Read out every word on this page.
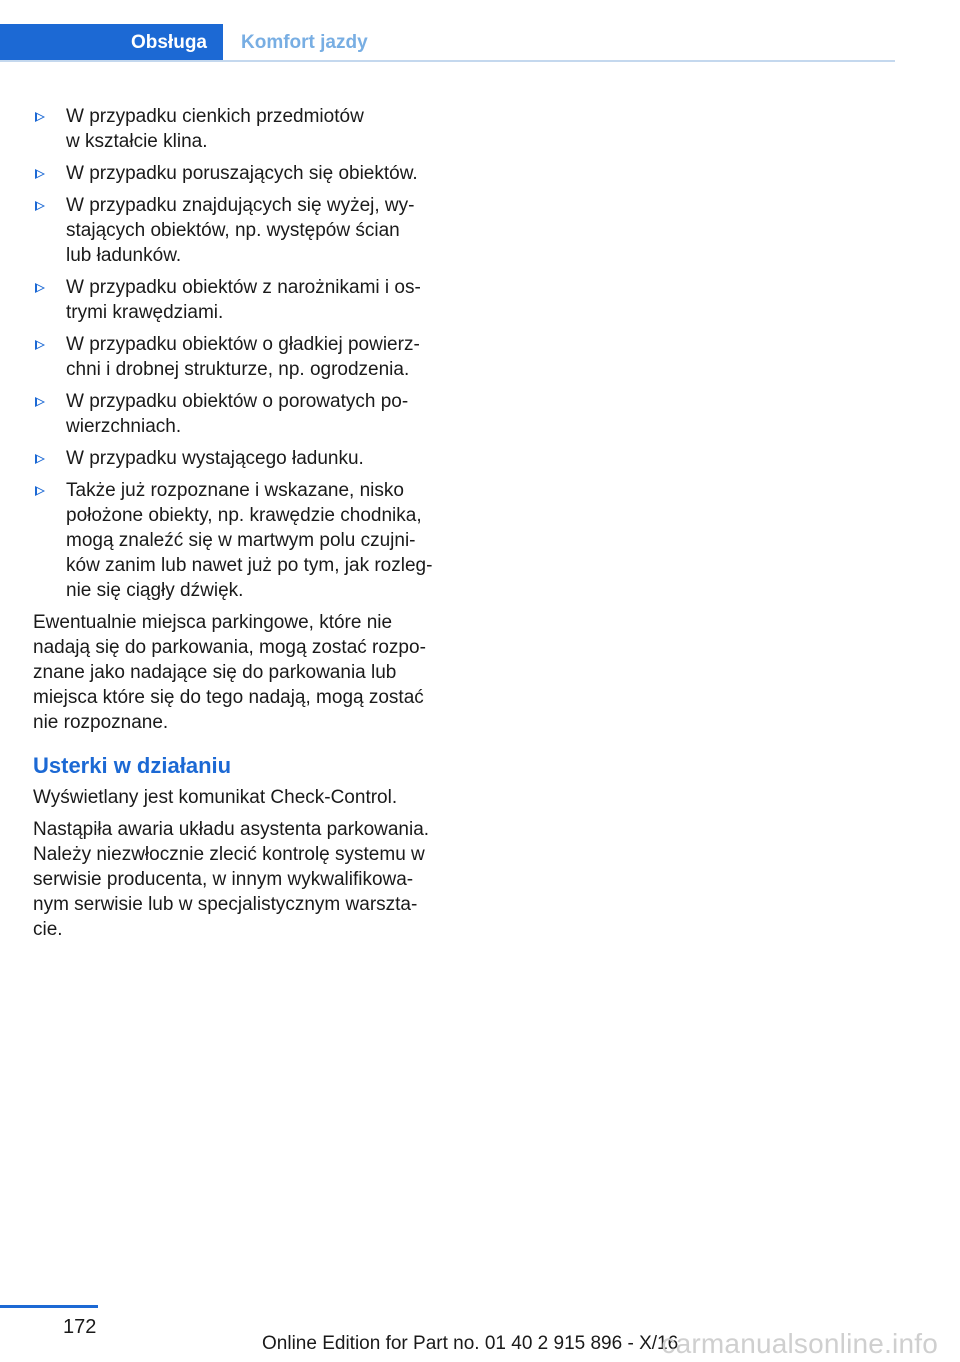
Obsługa	Komfort jazdy
W przypadku cienkich przedmiotów
w kształcie klina.
W przypadku poruszających się obiektów.
W przypadku znajdujących się wyżej, wy-
stających obiektów, np. występów ścian
lub ładunków.
W przypadku obiektów z narożnikami i os-
trymi krawędziami.
W przypadku obiektów o gładkiej powierz-
chni i drobnej strukturze, np. ogrodzenia.
W przypadku obiektów o porowatych po-
wierzchniach.
W przypadku wystającego ładunku.
Także już rozpoznane i wskazane, nisko
położone obiekty, np. krawędzie chodnika,
mogą znaleźć się w martwym polu czujni-
ków zanim lub nawet już po tym, jak rozleg-
nie się ciągły dźwięk.

Ewentualnie miejsca parkingowe, które nie
nadają się do parkowania, mogą zostać rozpo-
znane jako nadające się do parkowania lub
miejsca które się do tego nadają, mogą zostać
nie rozpoznane.

Usterki w działaniu

Wyświetlany jest komunikat Check-Control.

Nastąpiła awaria układu asystenta parkowania.
Należy niezwłocznie zlecić kontrolę systemu w
serwisie producenta, w innym wykwalifikowa-
nym serwisie lub w specjalistycznym warszta-
cie.

172
Online Edition for Part no. 01 40 2 915 896 - X/16
carmanualsonline.info
